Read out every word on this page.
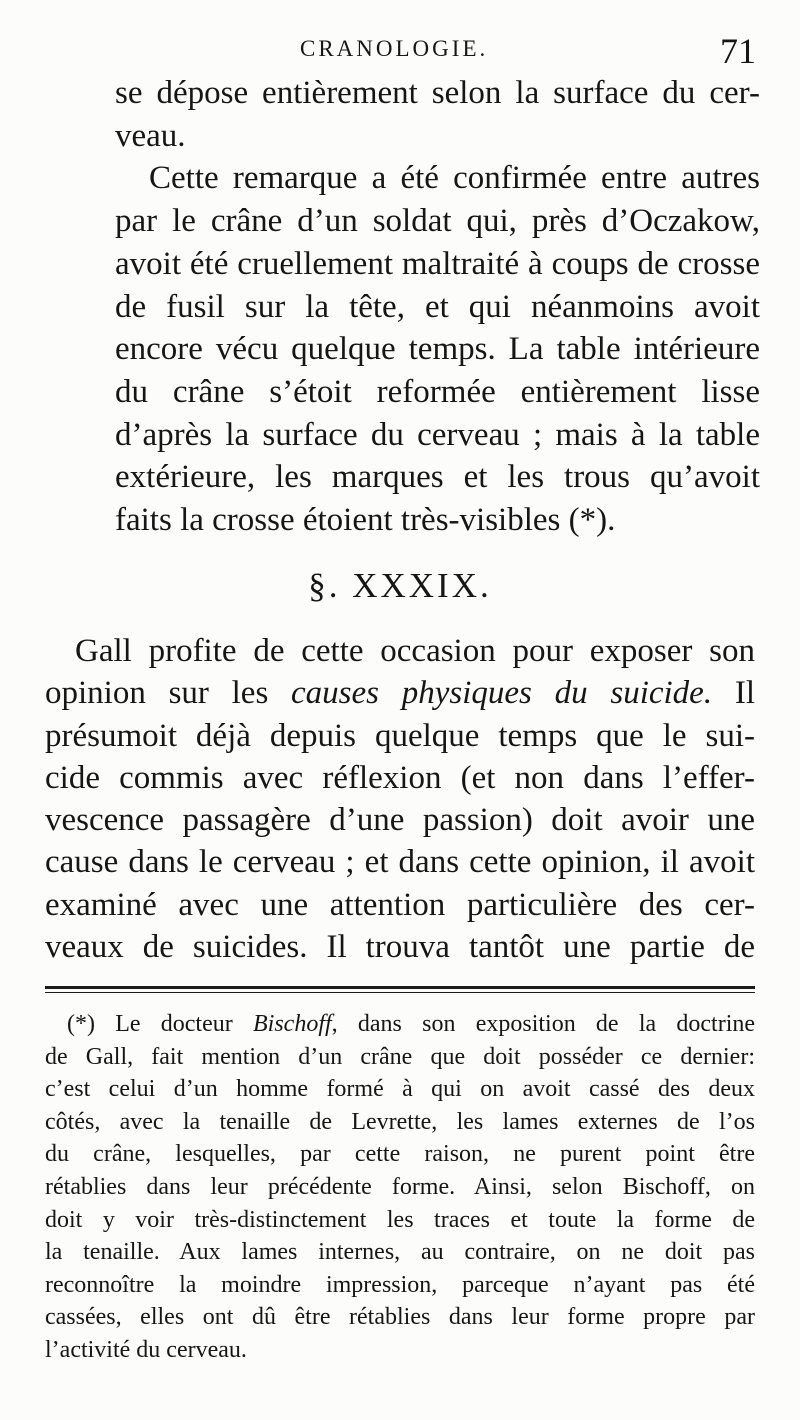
CRANOLOGIE.	71
se dépose entièrement selon la surface du cer-
veau.
Cette remarque a été confirmée entre autres
par le crâne d’un soldat qui, près d’Oczakow,
avoit été cruellement maltraité à coups de crosse
de fusil sur la tête, et qui néanmoins avoit
encore vécu quelque temps. La table intérieure
du crâne s’étoit reformée entièrement lisse
d’après la surface du cerveau ; mais à la table
extérieure, les marques et les trous qu’avoit
faits la crosse étoient très-visibles (*).
§. XXXIX.
Gall profite de cette occasion pour exposer son
opinion sur les causes physiques du suicide. Il
présumoit déjà depuis quelque temps que le sui-
cide commis avec réflexion (et non dans l’effer-
vescence passagère d’une passion) doit avoir une
cause dans le cerveau ; et dans cette opinion, il avoit
examiné avec une attention particulière des cer-
veaux de suicides. Il trouva tantôt une partie de
(*) Le docteur Bischoff, dans son exposition de la doctrine
de Gall, fait mention d’un crâne que doit posséder ce dernier:
c’est celui d’un homme formé à qui on avoit cassé des deux
côtés, avec la tenaille de Levrette, les lames externes de l’os
du crâne, lesquelles, par cette raison, ne purent point être
rétablies dans leur précédente forme. Ainsi, selon Bischoff, on
doit y voir très-distinctement les traces et toute la forme de
la tenaille. Aux lames internes, au contraire, on ne doit pas
reconnoître la moindre impression, parceque n’ayant pas été
cassées, elles ont dû être rétablies dans leur forme propre par
l’activité du cerveau.
